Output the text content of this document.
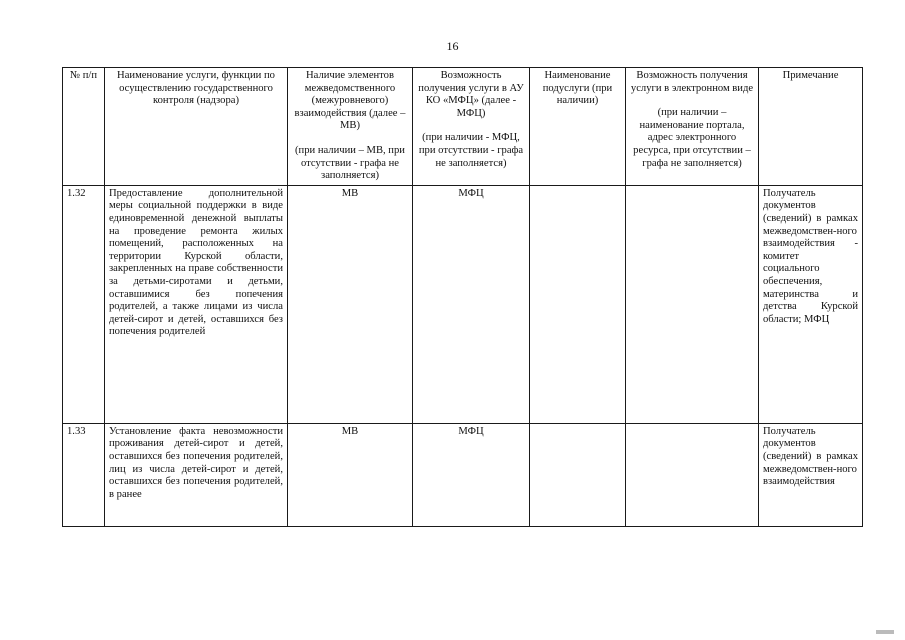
16
№ п/п	Наименование услуги, функции по осуществлению государственного контроля (надзора)	Наличие элементов межведомственного (межуровневого) взаимодействия (далее – МВ)
(при наличии – МВ, при отсутствии - графа не заполняется)	Возможность получения услуги в АУ КО «МФЦ» (далее - МФЦ)
(при наличии - МФЦ, при отсутствии - графа не заполняется)	Наименование подуслуги (при наличии)	Возможность получения услуги в электронном виде
(при наличии – наименование портала, адрес электронного ресурса, при отсутствии – графа не заполняется)	Примечание
1.32	Предоставление дополнительной меры социальной поддержки в виде единовременной денежной выплаты на проведение ремонта жилых помещений, расположенных на территории Курской области, закрепленных на праве собственности за детьми-сиротами и детьми, оставшимися без попечения родителей, а также лицами из числа детей-сирот и детей, оставшихся без попечения родителей	МВ	МФЦ			Получатель документов (сведений) в рамках межведомствен-ного взаимодействия - комитет социального обеспечения, материнства и детства Курской области; МФЦ
1.33	Установление факта невозможности проживания детей-сирот и детей, оставшихся без попечения родителей, лиц из числа детей-сирот и детей, оставшихся без попечения родителей, в ранее	МВ	МФЦ			Получатель документов (сведений) в рамках межведомствен-ного взаимодействия
